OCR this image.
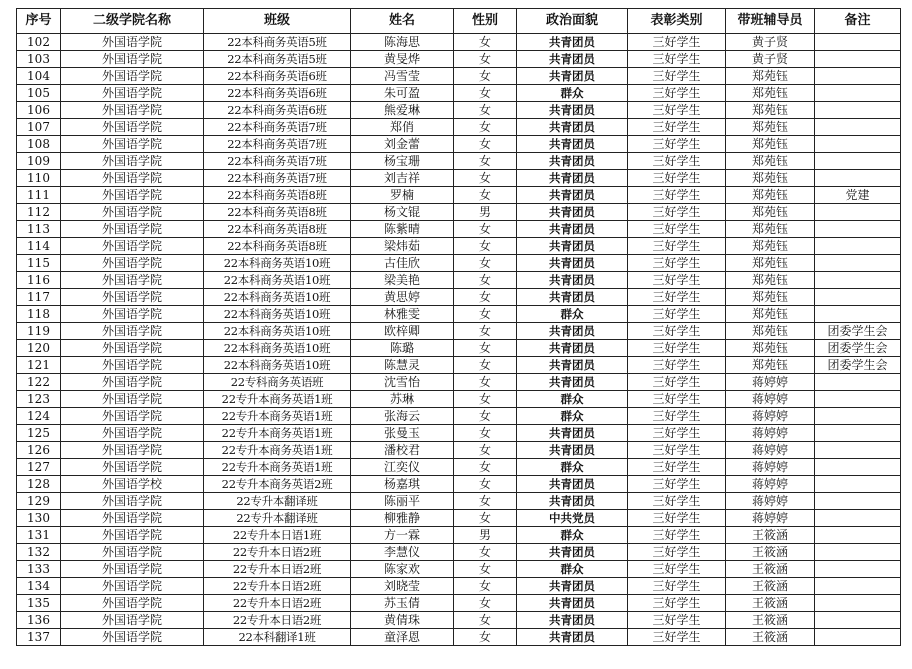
序号	二级学院名称	班级	姓名	性别	政治面貌	表彰类别	带班辅导员	备注
102	外国语学院	22本科商务英语5班	陈海思	女	共青团员	三好学生	黄子贤	
103	外国语学院	22本科商务英语5班	黄旻烨	女	共青团员	三好学生	黄子贤	
104	外国语学院	22本科商务英语6班	冯雪莹	女	共青团员	三好学生	郑苑钰	
105	外国语学院	22本科商务英语6班	朱可盈	女	群众	三好学生	郑苑钰	
106	外国语学院	22本科商务英语6班	熊爱琳	女	共青团员	三好学生	郑苑钰	
107	外国语学院	22本科商务英语7班	郑俏	女	共青团员	三好学生	郑苑钰	
108	外国语学院	22本科商务英语7班	刘金蕾	女	共青团员	三好学生	郑苑钰	
109	外国语学院	22本科商务英语7班	杨宝珊	女	共青团员	三好学生	郑苑钰	
110	外国语学院	22本科商务英语7班	刘吉祥	女	共青团员	三好学生	郑苑钰	
111	外国语学院	22本科商务英语8班	罗楠	女	共青团员	三好学生	郑苑钰	党建
112	外国语学院	22本科商务英语8班	杨文锟	男	共青团员	三好学生	郑苑钰	
113	外国语学院	22本科商务英语8班	陈紫晴	女	共青团员	三好学生	郑苑钰	
114	外国语学院	22本科商务英语8班	梁炜茹	女	共青团员	三好学生	郑苑钰	
115	外国语学院	22本科商务英语10班	古佳欣	女	共青团员	三好学生	郑苑钰	
116	外国语学院	22本科商务英语10班	梁美艳	女	共青团员	三好学生	郑苑钰	
117	外国语学院	22本科商务英语10班	黄思婷	女	共青团员	三好学生	郑苑钰	
118	外国语学院	22本科商务英语10班	林雅雯	女	群众	三好学生	郑苑钰	
119	外国语学院	22本科商务英语10班	欧梓卿	女	共青团员	三好学生	郑苑钰	团委学生会
120	外国语学院	22本科商务英语10班	陈璐	女	共青团员	三好学生	郑苑钰	团委学生会
121	外国语学院	22本科商务英语10班	陈慧灵	女	共青团员	三好学生	郑苑钰	团委学生会
122	外国语学院	22专科商务英语班	沈雪怡	女	共青团员	三好学生	蒋婷婷	
123	外国语学院	22专升本商务英语1班	苏琳	女	群众	三好学生	蒋婷婷	
124	外国语学院	22专升本商务英语1班	张海云	女	群众	三好学生	蒋婷婷	
125	外国语学院	22专升本商务英语1班	张曼玉	女	共青团员	三好学生	蒋婷婷	
126	外国语学院	22专升本商务英语1班	潘校君	女	共青团员	三好学生	蒋婷婷	
127	外国语学院	22专升本商务英语1班	江奕仪	女	群众	三好学生	蒋婷婷	
128	外国语学校	22专升本商务英语2班	杨嘉琪	女	共青团员	三好学生	蒋婷婷	
129	外国语学院	22专升本翻译班	陈丽平	女	共青团员	三好学生	蒋婷婷	
130	外国语学院	22专升本翻译班	柳雅静	女	中共党员	三好学生	蒋婷婷	
131	外国语学院	22专升本日语1班	方一霖	男	群众	三好学生	王筱涵	
132	外国语学院	22专升本日语2班	李慧仪	女	共青团员	三好学生	王筱涵	
133	外国语学院	22专升本日语2班	陈家欢	女	群众	三好学生	王筱涵	
134	外国语学院	22专升本日语2班	刘晓莹	女	共青团员	三好学生	王筱涵	
135	外国语学院	22专升本日语2班	苏玉倩	女	共青团员	三好学生	王筱涵	
136	外国语学院	22专升本日语2班	黄倩珠	女	共青团员	三好学生	王筱涵	
137	外国语学院	22本科翻译1班	童泽恩	女	共青团员	三好学生	王筱涵	
